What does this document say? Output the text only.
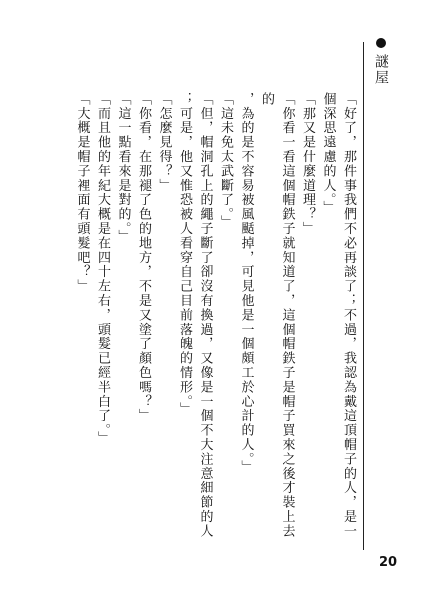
謎屋

「好了，那件事我們不必再談了；不過，我認為戴這頂帽子的人，是一

個深思遠慮的人。」

「那又是什麼道理？」

「你看一看這個帽鉄子就知道了，這個帽鉄子是帽子買來之後才裝上去的

，為的是不容易被風颳掉，可見他是一個頗工於心計的人。」

「這未免太武斷了。」

「但，帽洞孔上的繩子斷了卻沒有換過，又像是一個不大注意細節的人

；可是，他又惟恐被人看穿自己目前落魄的情形。」

「怎麼見得？」

「你看，在那褪了色的地方，不是又塗了顏色嗎？」

「這一點看來是對的。」

「而且他的年紀大概是在四十左右，頭髮已經半白了。」

「大概是帽子裡面有頭髮吧？」

20
